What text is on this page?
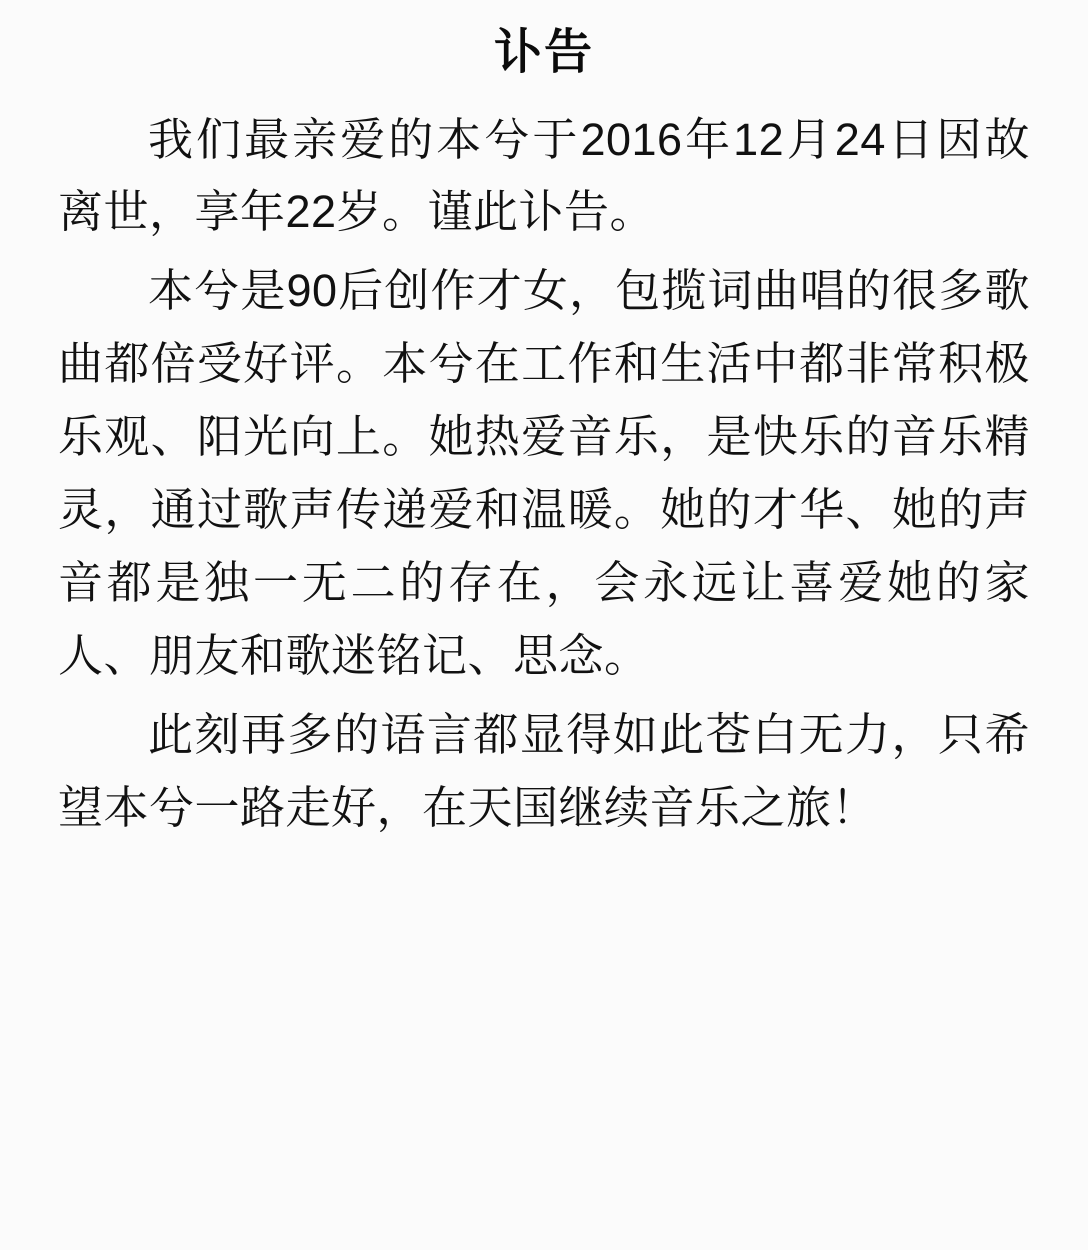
讣告

我们最亲爱的本兮于2016年12月24日因故离世，享年22岁。谨此讣告。

本兮是90后创作才女，包揽词曲唱的很多歌曲都倍受好评。本兮在工作和生活中都非常积极乐观、阳光向上。她热爱音乐，是快乐的音乐精灵，通过歌声传递爱和温暖。她的才华、她的声音都是独一无二的存在，会永远让喜爱她的家人、朋友和歌迷铭记、思念。

此刻再多的语言都显得如此苍白无力，只希望本兮一路走好，在天国继续音乐之旅！
